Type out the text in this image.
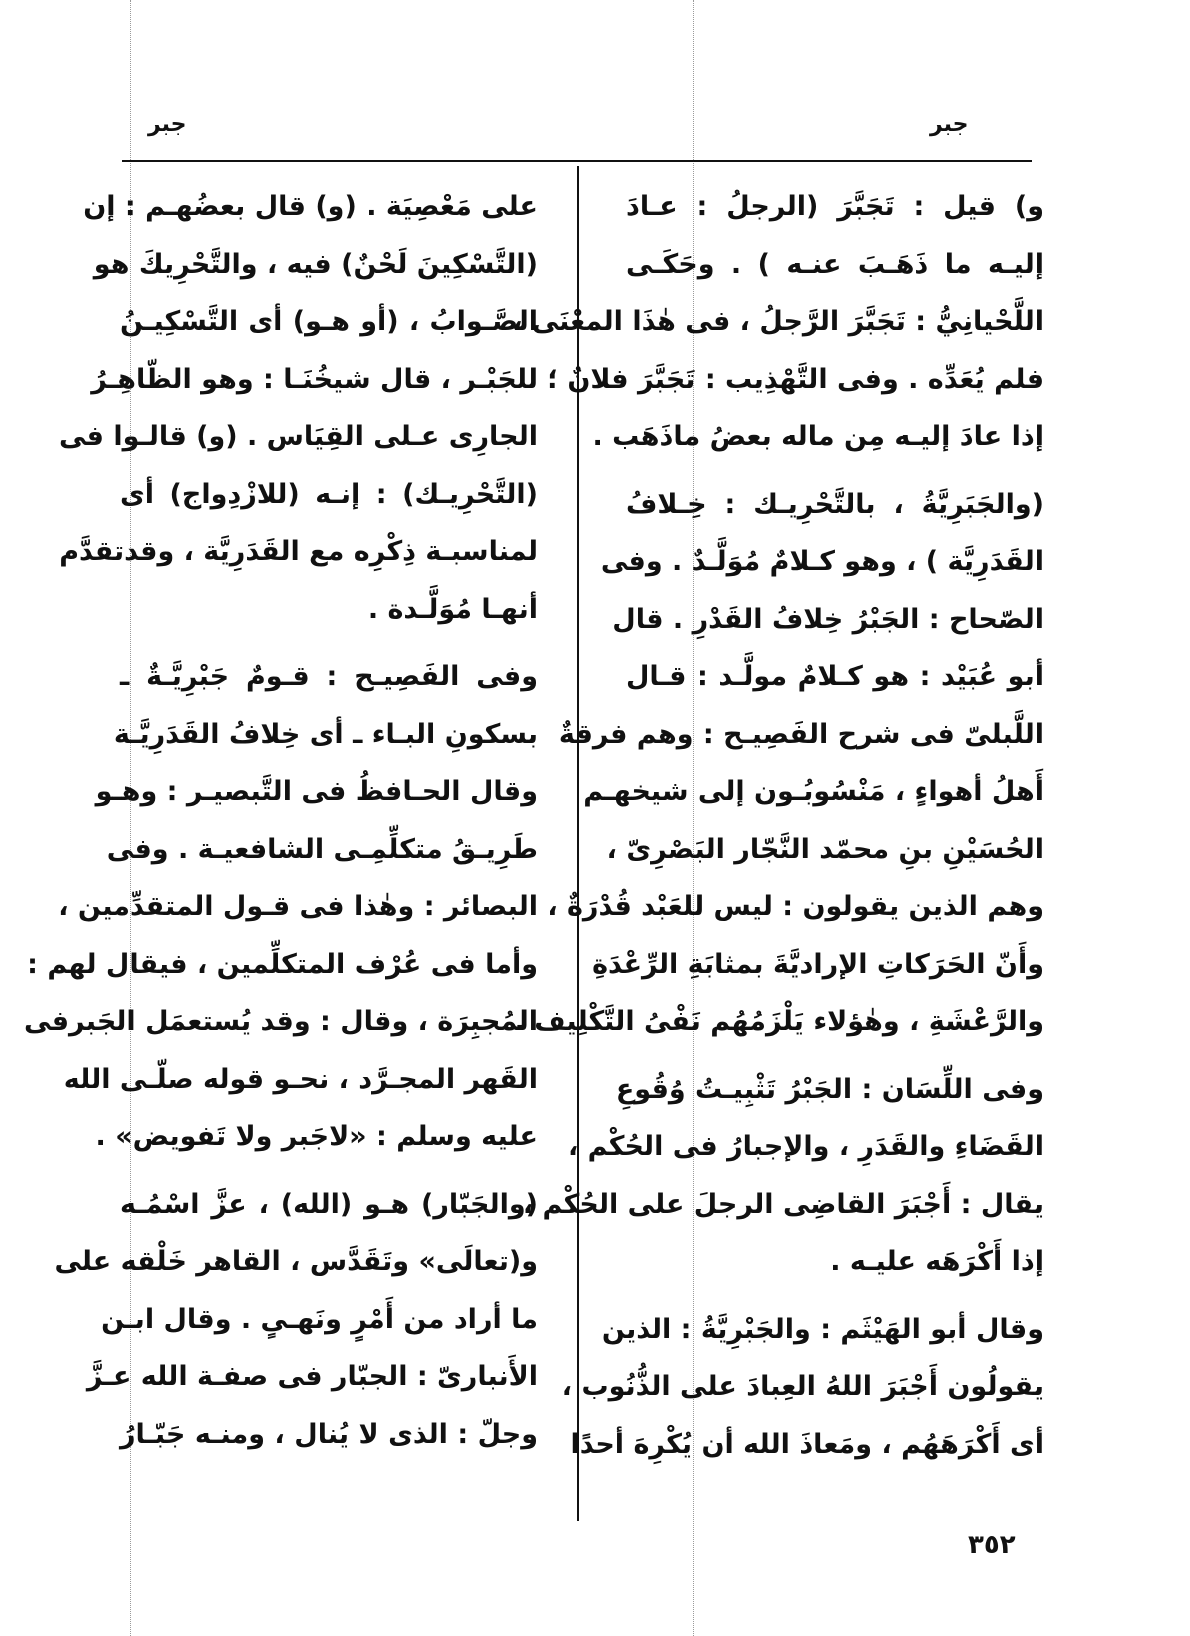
جبر
جبر
و) قيل : تَجَبَّرَ (الرجلُ : عـادَ
إليـه ما ذَهَـبَ عنـه ) . وحَكَـى
اللَّحْيانِيُّ : تَجَبَّرَ الرَّجلُ ، فى هٰذَا المعْنَى ،
فلم يُعَدِّه . وفى التَّهْذِيب : تَجَبَّرَ فلانٌ ؛
إذا عادَ إليـه مِن ماله بعضُ ماذَهَب .
(والجَبَرِيَّةُ ، بالتَّحْرِيـك : خِـلافُ
القَدَرِيَّة ) ، وهو كـلامٌ مُوَلَّـدٌ . وفى
الصّحاح : الجَبْرُ خِلافُ القَدْرِ . قال
أبو عُبَيْد : هو كـلامٌ مولَّـد : قـال
اللَّبلىّ فى شرح الفَصِيـح : وهم فرقةٌ
أَهلُ أهواءٍ ، مَنْسُوبُـون إلى شيخهـم
الحُسَيْنِ بنِ محمّد النَّجّار البَصْرِىّ ،
وهم الذين يقولون : ليس للعَبْد قُدْرَةٌ ،
وأَنّ الحَرَكاتِ الإراديَّةَ بمثابَةِ الرِّعْدَةِ
والرَّعْشَةِ ، وهٰؤلاء يَلْزَمُهُم نَفْىُ التَّكْلِيف .
وفى اللِّسَان : الجَبْرُ تَثْبِيـتُ وُقُوعِ
القَضَاءِ والقَدَرِ ، والإجبارُ فى الحُكْم ،
يقال : أَجْبَرَ القاضِى الرجلَ على الحُكْم ،
إذا أَكْرَهَه عليـه .
وقال أبو الهَيْثَم : والجَبْرِيَّةُ : الذين
يقولُون أَجْبَرَ اللهُ العِبادَ على الذُّنُوب ،
أى أَكْرَهَهُم ، ومَعاذَ الله أن يُكْرِهَ أحدًا
على مَعْصِيَة . (و) قال بعضُهـم : إن
(التَّسْكِينَ لَحْنٌ) فيه ، والتَّحْرِيكَ هو
الصَّـوابُ ، (أو هـو) أى التَّسْكِيـنُ
للجَبْـر ، قال شيخُنَـا : وهو الظّاهِـرُ
الجارِى عـلى القِيَاس . (و) قالـوا فى
(التَّحْرِيـك) : إنـه (للازْدِواج) أى
لمناسبـة ذِكْرِه مع القَدَرِيَّة ، وقدتقدَّم
أنهـا مُوَلَّـدة .
وفى الفَصِيـح : قـومٌ جَبْرِيَّـةٌ ـ
بسكونِ البـاء ـ أى خِلافُ القَدَرِيَّـة
وقال الحـافظُ فى التَّبصيـر : وهـو
طَرِيـقُ متكلِّمِـى الشافعيـة . وفى
البصائر : وهٰذا فى قـول المتقدِّمين ،
وأما فى عُرْف المتكلِّمين ، فيقال لهم :
المُجبِرَة ، وقال : وقد يُستعمَل الجَبرفى
القَهر المجـرَّد ، نحـو قوله صلّـى الله
عليه وسلم : «لاجَبر ولا تَفويض» .
(والجَبّار) هـو (الله) ، عزَّ اسْمُـه
و(تعالَى» وتَقَدَّس ، القاهر خَلْقه على
ما أراد من أَمْرٍ ونَهـىٍ . وقال ابـن
الأَنبارىّ : الجبّار فى صفـة الله عـزَّ
وجلّ : الذى لا يُنال ، ومنـه جَبّـارُ
٣٥٢
